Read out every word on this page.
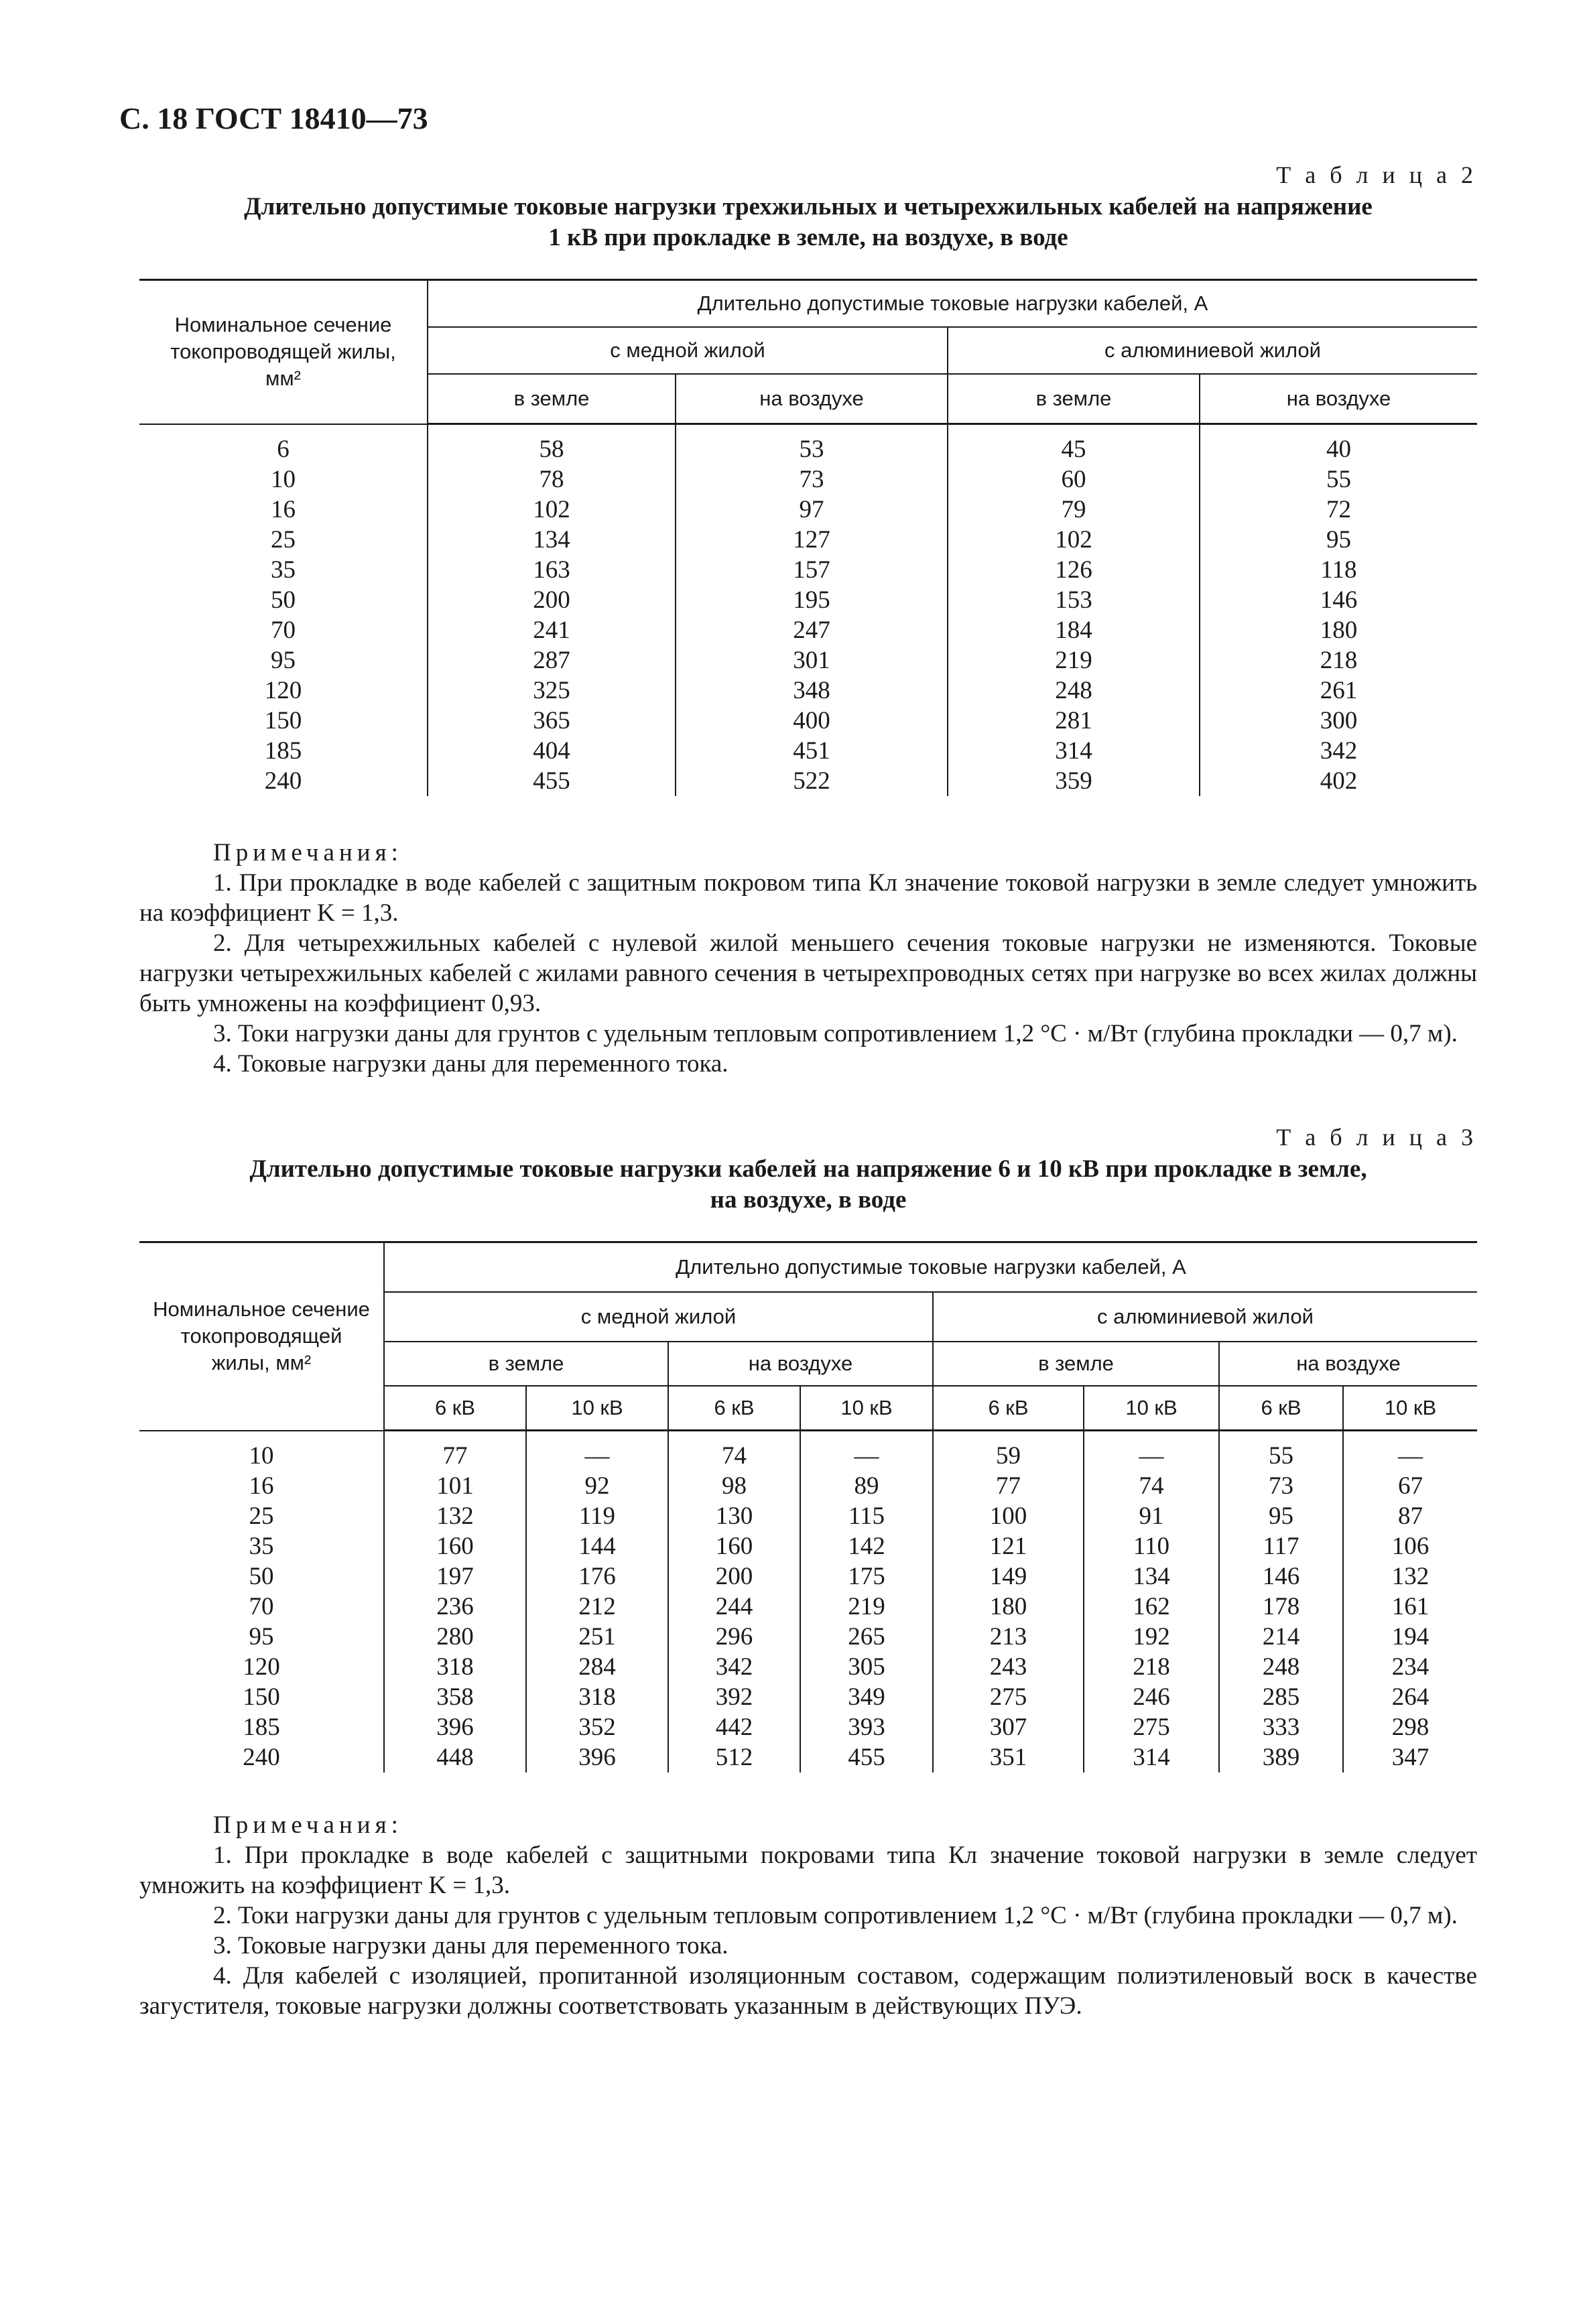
С. 18 ГОСТ 18410—73
Т а б л и ц а 2
Длительно допустимые токовые нагрузки трехжильных и четырехжильных кабелей на напряжение
1 кВ при прокладке в земле, на воздухе, в воде
Номинальное сечение токопроводящей жилы, мм²	Длительно допустимые токовые нагрузки кабелей, А			
	с медной жилой		с алюминиевой жилой	
	в земле	на воздухе	в земле	на воздухе
6	58	53	45	40
10	78	73	60	55
16	102	97	79	72
25	134	127	102	95
35	163	157	126	118
50	200	195	153	146
70	241	247	184	180
95	287	301	219	218
120	325	348	248	261
150	365	400	281	300
185	404	451	314	342
240	455	522	359	402
Примечания:

1. При прокладке в воде кабелей с защитным покровом типа Кл значение токовой нагрузки в земле следует умножить на коэффициент K = 1,3.

2. Для четырехжильных кабелей с нулевой жилой меньшего сечения токовые нагрузки не изменяются. Токовые нагрузки четырехжильных кабелей с жилами равного сечения в четырехпроводных сетях при нагрузке во всех жилах должны быть умножены на коэффициент 0,93.

3. Токи нагрузки даны для грунтов с удельным тепловым сопротивлением 1,2 °С · м/Вт (глубина прокладки — 0,7 м).

4. Токовые нагрузки даны для переменного тока.

Т а б л и ц а 3
Длительно допустимые токовые нагрузки кабелей на напряжение 6 и 10 кВ при прокладке в земле,
на воздухе, в воде
Номинальное сечение токопроводящей жилы, мм²	Длительно допустимые токовые нагрузки кабелей, А							
	с медной жилой				с алюминиевой жилой			
	в земле		на воздухе		в земле		на воздухе	
	6 кВ	10 кВ	6 кВ	10 кВ	6 кВ	10 кВ	6 кВ	10 кВ
10	77	—	74	—	59	—	55	—
16	101	92	98	89	77	74	73	67
25	132	119	130	115	100	91	95	87
35	160	144	160	142	121	110	117	106
50	197	176	200	175	149	134	146	132
70	236	212	244	219	180	162	178	161
95	280	251	296	265	213	192	214	194
120	318	284	342	305	243	218	248	234
150	358	318	392	349	275	246	285	264
185	396	352	442	393	307	275	333	298
240	448	396	512	455	351	314	389	347
Примечания:

1. При прокладке в воде кабелей с защитными покровами типа Кл значение токовой нагрузки в земле следует умножить на коэффициент K = 1,3.

2. Токи нагрузки даны для грунтов с удельным тепловым сопротивлением 1,2 °С · м/Вт (глубина прокладки — 0,7 м).

3. Токовые нагрузки даны для переменного тока.

4. Для кабелей с изоляцией, пропитанной изоляционным составом, содержащим полиэтиленовый воск в качестве загустителя, токовые нагрузки должны соответствовать указанным в действующих ПУЭ.
